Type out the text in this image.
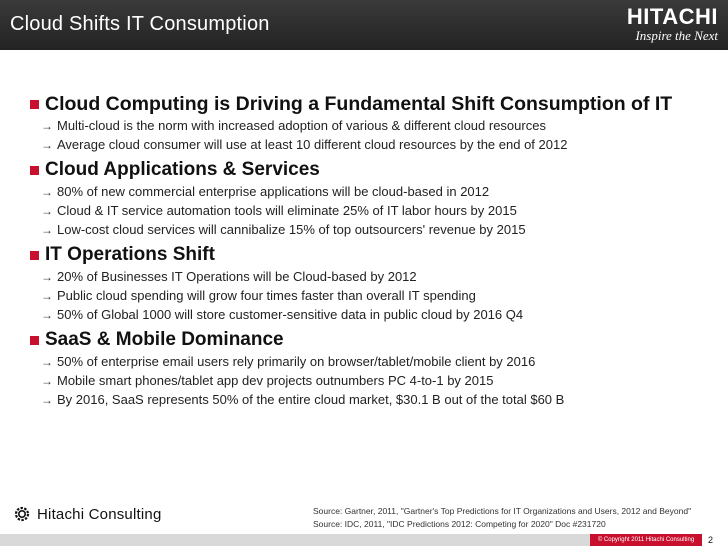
Cloud Shifts IT Consumption	HITACHI
Inspire the Next
Cloud Computing is Driving a Fundamental Shift Consumption of IT
→ Multi-cloud is the norm with increased adoption of various & different cloud resources
→ Average cloud consumer will use at least 10 different cloud resources by the end of 2012
Cloud Applications & Services
→ 80% of new commercial enterprise applications will be cloud-based in 2012
→ Cloud & IT service automation tools will eliminate 25% of IT labor hours by 2015
→ Low-cost cloud services will cannibalize 15% of top outsourcers' revenue by 2015
IT Operations Shift
→ 20% of Businesses IT Operations will be Cloud-based by 2012
→ Public cloud spending will grow four times faster than overall IT spending
→ 50% of Global 1000 will store customer-sensitive data in public cloud by 2016 Q4
SaaS & Mobile Dominance
→ 50% of enterprise email users rely primarily on browser/tablet/mobile client by 2016
→ Mobile smart phones/tablet app dev projects outnumbers PC 4-to-1 by 2015
→ By 2016, SaaS represents 50% of the entire cloud market, $30.1 B out of the total $60 B
Hitachi Consulting	Source: Gartner, 2011, "Gartner's Top Predictions for IT Organizations and Users, 2012 and Beyond"
Source: IDC, 2011, "IDC Predictions 2012: Competing for 2020" Doc #231720
© Copyright 2011 Hitachi Consulting	2
